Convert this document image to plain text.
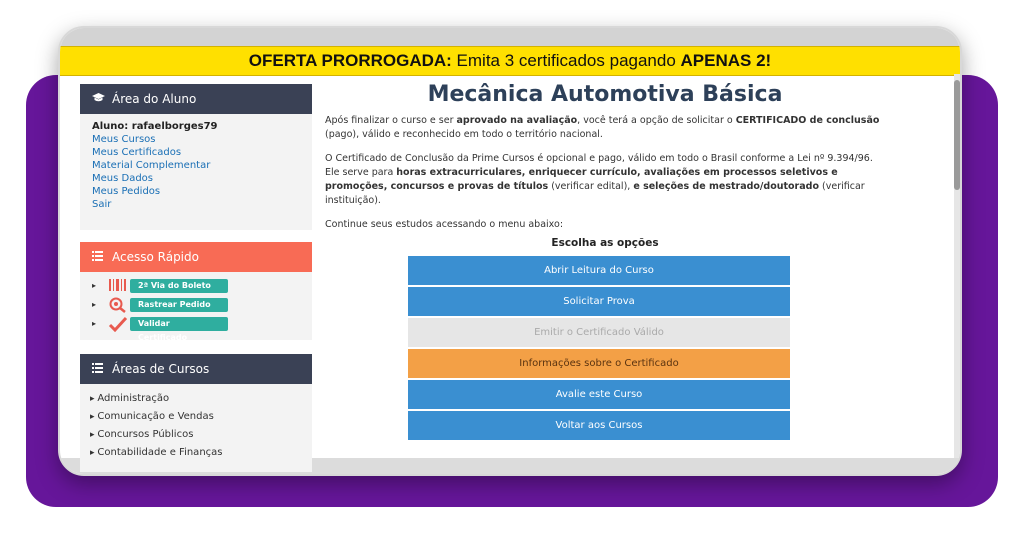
OFERTA PRORROGADA: Emita 3 certificados pagando APENAS 2!
Área do Aluno
Aluno: rafaelborges79
Meus Cursos
Meus Certificados
Material Complementar
Meus Dados
Meus Pedidos
Sair
Acesso Rápido
▸	2ª Via do Boleto
▸	Rastrear Pedido
▸	Validar Certificado
Áreas de Cursos
▸ Administração
▸ Comunicação e Vendas
▸ Concursos Públicos
▸ Contabilidade e Finanças
Mecânica Automotiva Básica

Após finalizar o curso e ser aprovado na avaliação, você terá a opção de solicitar o CERTIFICADO de conclusão (pago), válido e reconhecido em todo o território nacional.

O Certificado de Conclusão da Prime Cursos é opcional e pago, válido em todo o Brasil conforme a Lei nº 9.394/96. Ele serve para horas extracurriculares, enriquecer currículo, avaliações em processos seletivos e promoções, concursos e provas de títulos (verificar edital), e seleções de mestrado/doutorado (verificar instituição).

Continue seus estudos acessando o menu abaixo:

Escolha as opções
Abrir Leitura do Curso
Solicitar Prova
Emitir o Certificado Válido
Informações sobre o Certificado
Avalie este Curso
Voltar aos Cursos
